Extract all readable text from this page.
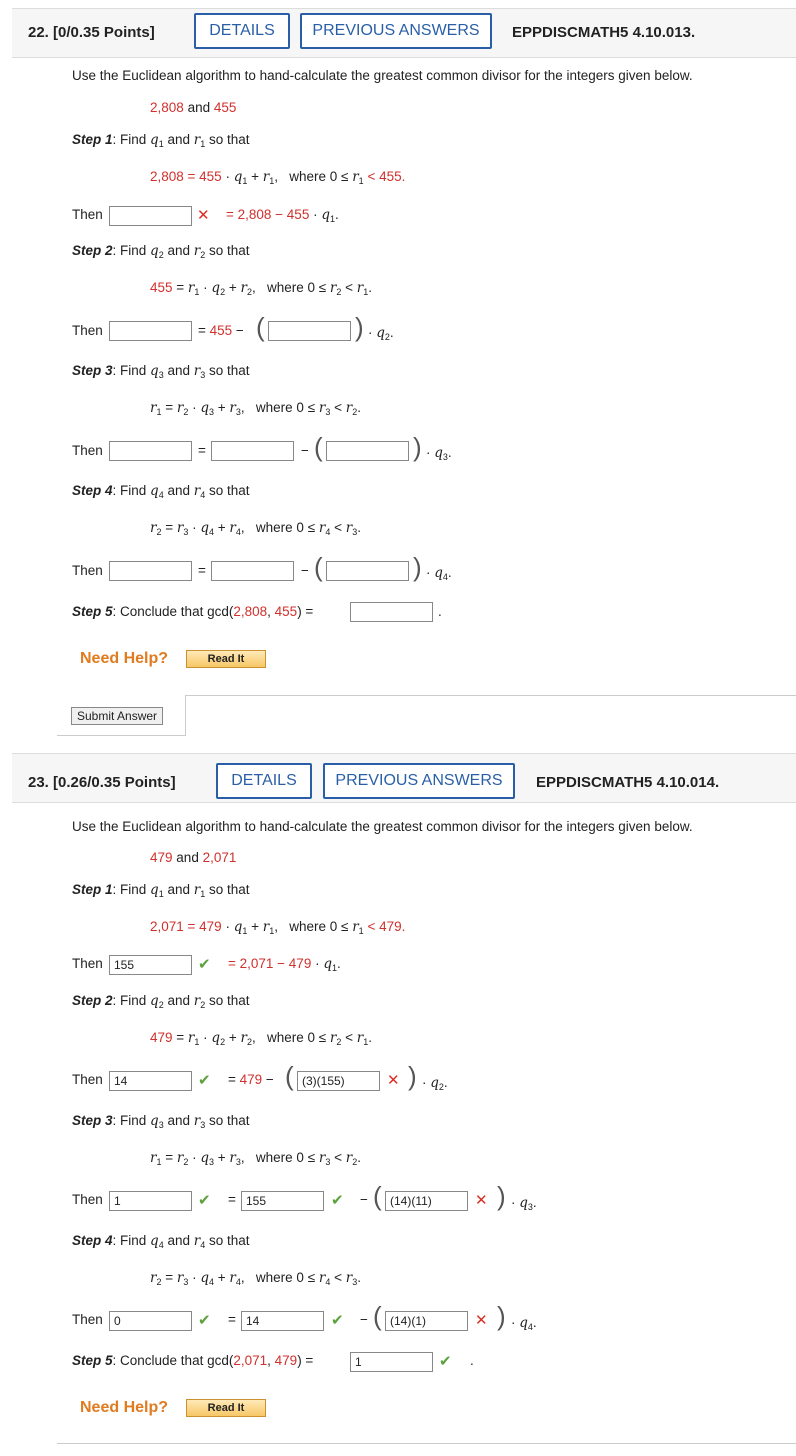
22. [0/0.35 Points]	DETAILS	PREVIOUS ANSWERS	EPPDISCMATH5 4.10.013.
Use the Euclidean algorithm to hand-calculate the greatest common divisor for the integers given below.
2,808 and 455
Step 1: Find $q_1$ and $r_1$ so that
$2,808 = 455 \cdot q_1 + r_1$,   where $0 \le r_1 < 455$.
Then	✕ = $2,808 - 455 \cdot q_1$.
Step 2: Find $q_2$ and $r_2$ so that
$455 = r_1 \cdot q_2 + r_2$,   where $0 \le r_2 < r_1$.
Then	= 455 − (	) · $q_2$.
Step 3: Find $q_3$ and $r_3$ so that
$r_1 = r_2 \cdot q_3 + r_3$,   where $0 \le r_3 < r_2$.
Then	=	− (	) · $q_3$.
Step 4: Find $q_4$ and $r_4$ so that
$r_2 = r_3 \cdot q_4 + r_4$,   where $0 \le r_4 < r_3$.
Then	=	− (	) · $q_4$.
Step 5: Conclude that gcd(2,808, 455) =	.
Need Help?	Read It
Submit Answer
23. [0.26/0.35 Points]	DETAILS	PREVIOUS ANSWERS	EPPDISCMATH5 4.10.014.
Use the Euclidean algorithm to hand-calculate the greatest common divisor for the integers given below.
479 and 2,071
Step 1: Find $q_1$ and $r_1$ so that
$2,071 = 479 \cdot q_1 + r_1$,   where $0 \le r_1 < 479$.
Then 155	✔ = $2,071 - 479 \cdot q_1$.
Step 2: Find $q_2$ and $r_2$ so that
$479 = r_1 \cdot q_2 + r_2$,   where $0 \le r_2 < r_1$.
Then 14	✔ = 479 − ( (3)(155)	✕ ) · $q_2$.
Step 3: Find $q_3$ and $r_3$ so that
$r_1 = r_2 \cdot q_3 + r_3$,   where $0 \le r_3 < r_2$.
Then 1	✔ = 155	✔ − ( (14)(11)	✕ ) · $q_3$.
Step 4: Find $q_4$ and $r_4$ so that
$r_2 = r_3 \cdot q_4 + r_4$,   where $0 \le r_4 < r_3$.
Then 0	✔ = 14	✔ − ( (14)(1)	✕ ) · $q_4$.
Step 5: Conclude that gcd(2,071, 479) =	1	✔ .
Need Help?	Read It
